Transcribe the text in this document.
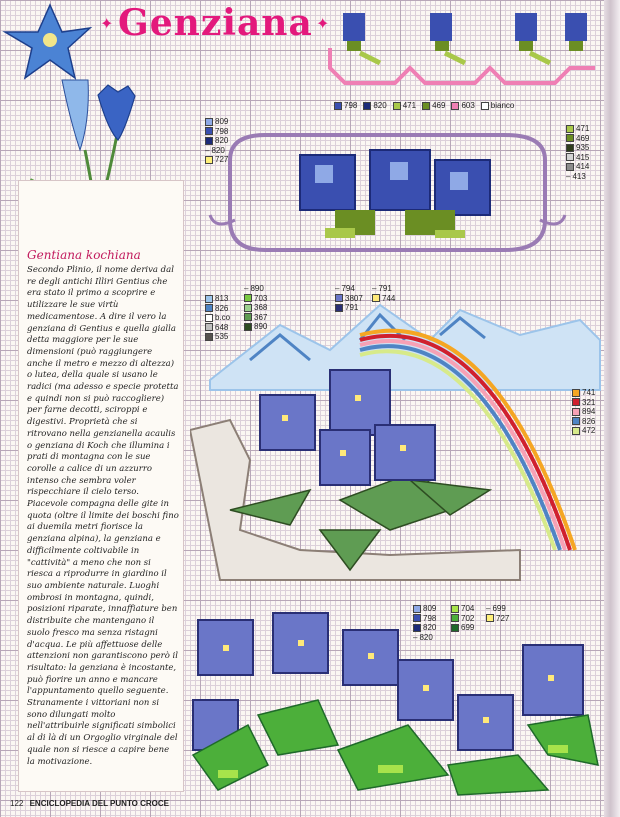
✦ Genziana ✦
798 820 471 469 603 bianco
809
798
820
– 820
727
471
469
935
415
414
– 413
813
826
b.co
648
535
– 890
703
368
367
890
– 794
3807
791
– 791
744
741
321
894
826
472
809
798
820
– 820
704
702
699
– 699
727
Gentiana kochiana
Secondo Plinio, il nome deriva dal re degli antichi Illiri Gentius che era stato il primo a scoprire e utilizzare le sue virtù medicamentose. A dire il vero la genziana di Gentius e quella gialla detta maggiore per le sue dimensioni (può raggiungere anche il metro e mezzo di altezza) o lutea, della quale si usano le radici (ma adesso e specie protetta e quindi non si può raccogliere) per farne decotti, sciroppi e digestivi. Proprietà che si ritrovano nella genzianella acaulis o genziana di Koch che illumina i prati di montagna con le sue corolle a calice di un azzurro intenso che sembra voler rispecchiare il cielo terso. Piacevole compagna delle gite in quota (oltre il limite dei boschi fino ai duemila metri fiorisce la genziana alpina), la genziana e difficilmente coltivabile in "cattività" a meno che non si riesca a riprodurre in giardino il suo ambiente naturale. Luoghi ombrosi in montagna, quindi, posizioni riparate, innaffiature ben distribuite che mantengano il suolo fresco ma senza ristagni d'acqua. Le più affettuose delle attenzioni non garantiscono però il risultato: la genziana è incostante, può fiorire un anno e mancare l'appuntamento quello seguente. Stranamente i vittoriani non si sono dilungati molto nell'attribuirle significati simbolici al di là di un Orgoglio virginale del quale non si riesce a capire bene la motivazione.
122 ENCICLOPEDIA DEL PUNTO CROCE
